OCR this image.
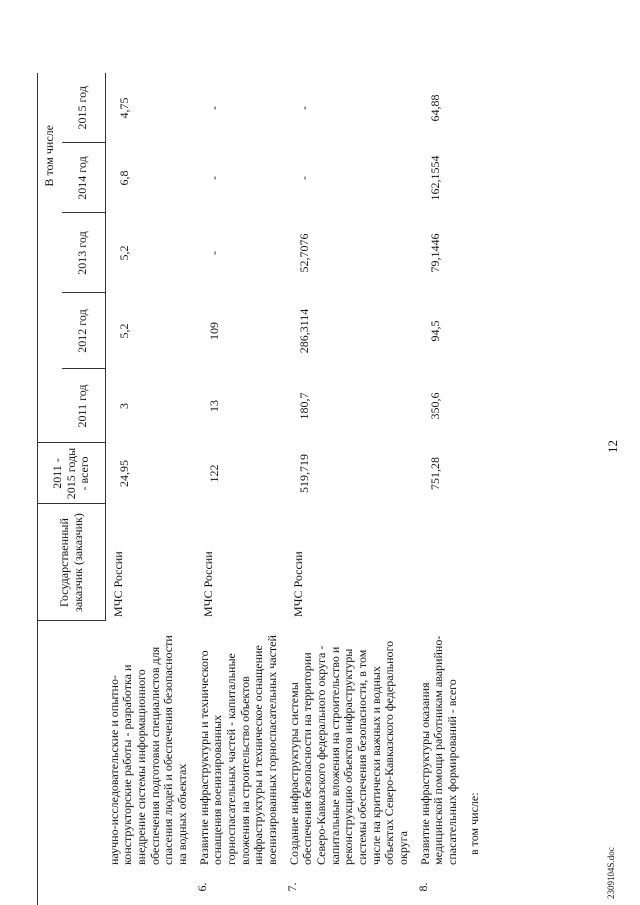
12
2309104S.doc
		Государственный заказчик (заказчик)	2011 - 2015 годы - всего	В том числе				
				2011 год	2012 год	2013 год	2014 год	2015 год
	научно-исследовательские и опытно-конструкторские работы - разработка и внедрение системы информационного обеспечения подготовки специалистов для спасения людей и обеспечения безопасности на водных объектах	МЧС России	24,95	3	5,2	5,2	6,8	4,75
6.	Развитие инфраструктуры и технического оснащения военизированных горноспасательных частей - капитальные вложения на строительство объектов инфраструктуры и техническое оснащение военизированных горноспасательных частей	МЧС России	122	13	109	-	-	-
7.	Создание инфраструктуры системы обеспечения безопасности на территории Северо-Кавказского федерального округа - капитальные вложения на строительство и реконструкцию объектов инфраструктуры системы обеспечения безопасности, в том числе на критически важных и водных объектах Северо-Кавказского федерального округа	МЧС России	519,719	180,7	286,3114	52,7076	-	-
8.	Развитие инфраструктуры оказания медицинской помощи работникам аварийно-спасательных формирований - всего		751,28	350,6	94,5	79,1446	162,1554	64,88
	в том числе:							
